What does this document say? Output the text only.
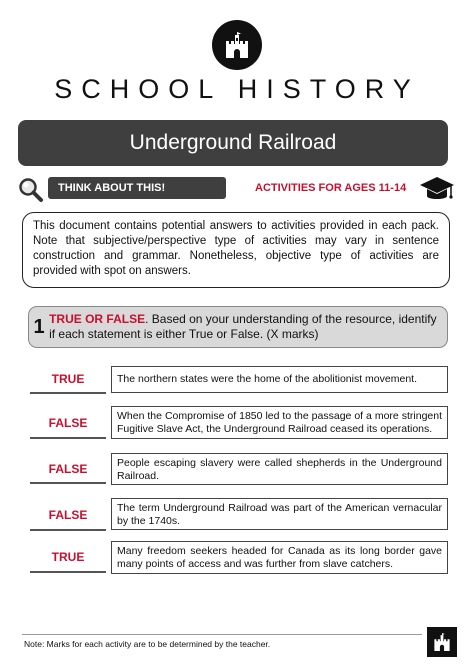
SCHOOL HISTORY
Underground Railroad
THINK ABOUT THIS!	ACTIVITIES FOR AGES 11-14
This document contains potential answers to activities provided in each pack. Note that subjective/perspective type of activities may vary in sentence construction and grammar. Nonetheless, objective type of activities are provided with spot on answers.
1 TRUE OR FALSE. Based on your understanding of the resource, identify if each statement is either True or False. (X marks)
TRUE	The northern states were the home of the abolitionist movement.
FALSE	When the Compromise of 1850 led to the passage of a more stringent Fugitive Slave Act, the Underground Railroad ceased its operations.
FALSE	People escaping slavery were called shepherds in the Underground Railroad.
FALSE	The term Underground Railroad was part of the American vernacular by the 1740s.
TRUE	Many freedom seekers headed for Canada as its long border gave many points of access and was further from slave catchers.
Note: Marks for each activity are to be determined by the teacher.
